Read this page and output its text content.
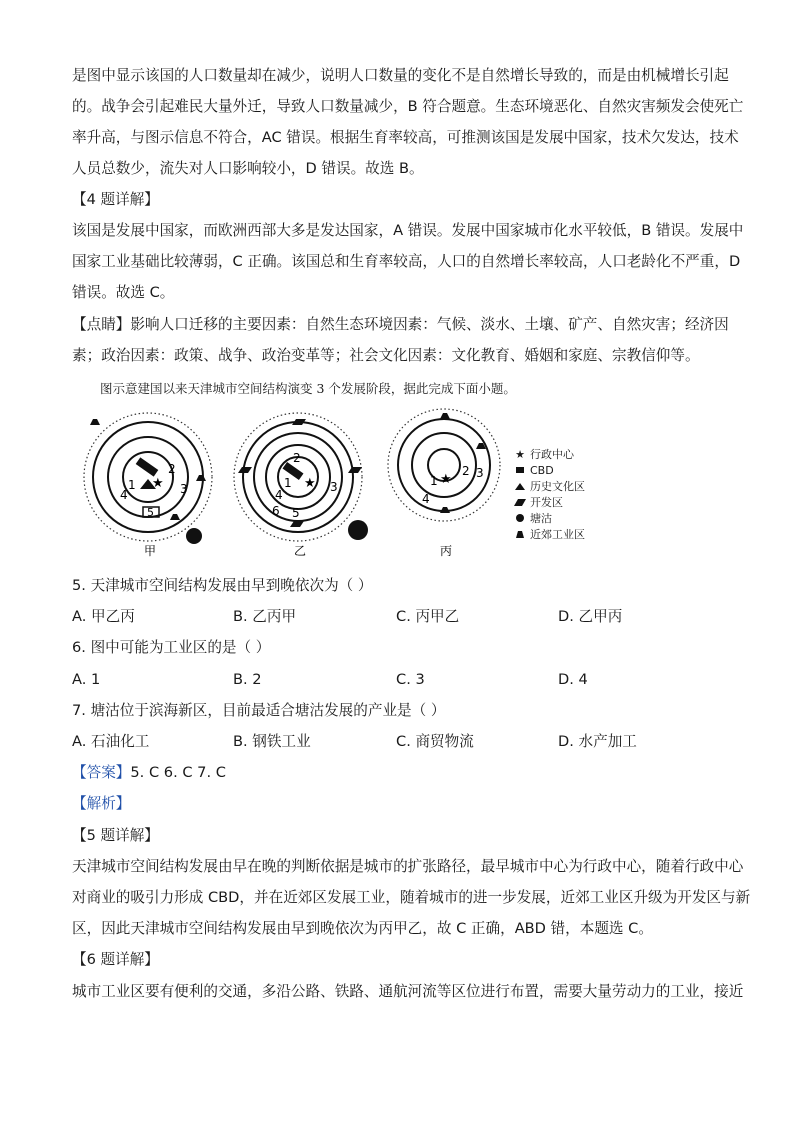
是图中显示该国的人口数量却在减少，说明人口数量的变化不是自然增长导致的，而是由机械增长引起
的。战争会引起难民大量外迁，导致人口数量减少，B 符合题意。生态环境恶化、自然灾害频发会使死亡
率升高，与图示信息不符合，AC 错误。根据生育率较高，可推测该国是发展中国家，技术欠发达，技术
人员总数少，流失对人口影响较小，D 错误。故选 B。
【4 题详解】
该国是发展中国家，而欧洲西部大多是发达国家，A 错误。发展中国家城市化水平较低，B 错误。发展中
国家工业基础比较薄弱，C 正确。该国总和生育率较高，人口的自然增长率较高，人口老龄化不严重，D
错误。故选 C。
【点睛】影响人口迁移的主要因素：自然生态环境因素：气候、淡水、土壤、矿产、自然灾害；经济因
素；政治因素：政策、战争、政治变革等；社会文化因素：文化教育、婚姻和家庭、宗教信仰等。
图示意建国以来天津城市空间结构演变 3 个发展阶段，据此完成下面小题。
★
1
2
3
4
5
甲
★
1
2
3
4
5
6
乙
★
1
2 3
4
丙
★ 行政中心
CBD
历史文化区
开发区
塘沽
近郊工业区
5. 天津城市空间结构发展由早到晚依次为（ ）
A. 甲乙丙	B. 乙丙甲	C. 丙甲乙	D. 乙甲丙
6. 图中可能为工业区的是（ ）
A. 1	B. 2	C. 3	D. 4
7. 塘沽位于滨海新区，目前最适合塘沽发展的产业是（ ）
A. 石油化工	B. 钢铁工业	C. 商贸物流	D. 水产加工
【答案】5. C 6. C 7. C
【解析】
【5 题详解】
天津城市空间结构发展由早在晚的判断依据是城市的扩张路径，最早城市中心为行政中心，随着行政中心
对商业的吸引力形成 CBD，并在近郊区发展工业，随着城市的进一步发展，近郊工业区升级为开发区与新
区，因此天津城市空间结构发展由早到晚依次为丙甲乙，故 C 正确，ABD 错，本题选 C。
【6 题详解】
城市工业区要有便利的交通，多沿公路、铁路、通航河流等区位进行布置，需要大量劳动力的工业，接近
